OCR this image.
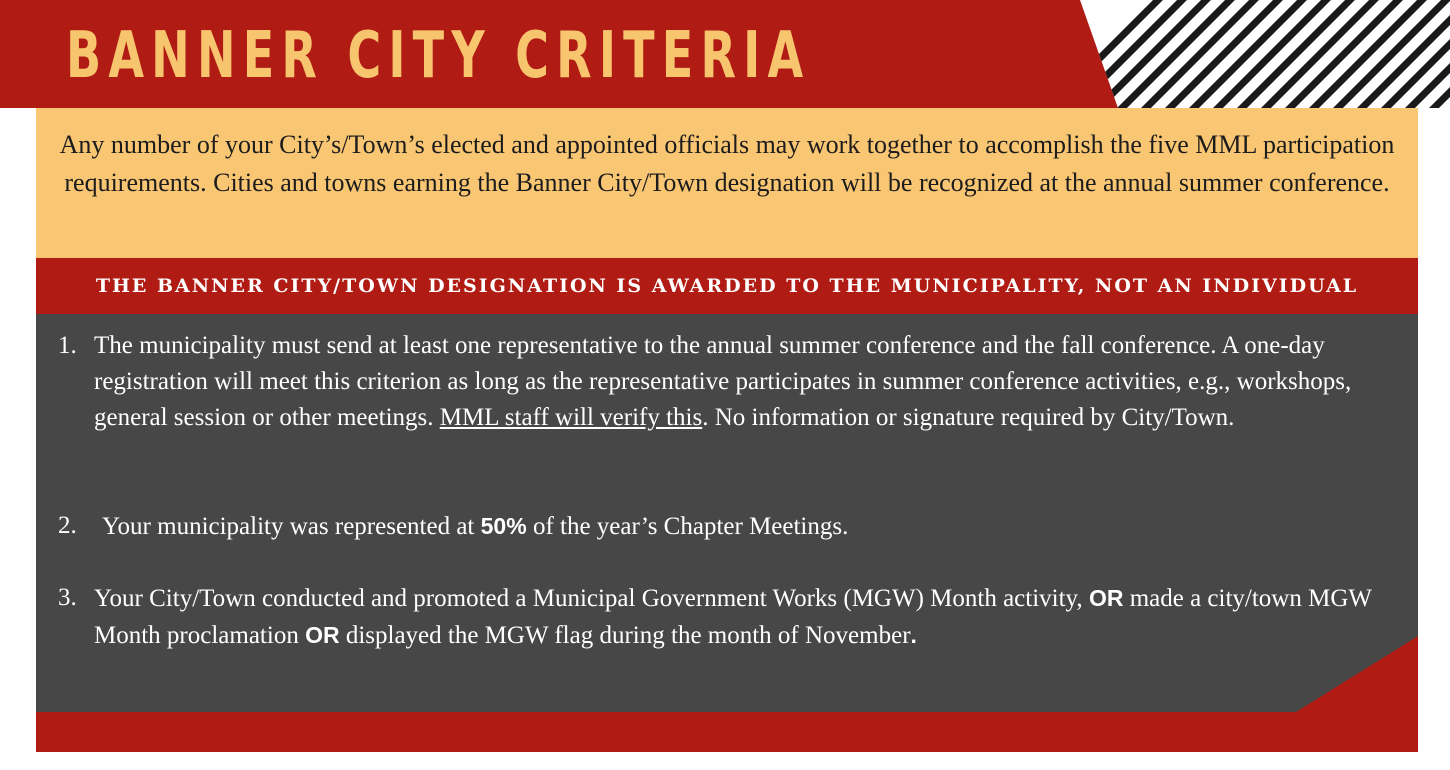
BANNER CITY CRITERIA
Any number of your City’s/Town’s elected and appointed officials may work together to accomplish the five MML participation requirements. Cities and towns earning the Banner City/Town designation will be recognized at the annual summer conference.
THE BANNER CITY/TOWN DESIGNATION IS AWARDED TO THE MUNICIPALITY, NOT AN INDIVIDUAL
1. The municipality must send at least one representative to the annual summer conference and the fall conference. A one-day registration will meet this criterion as long as the representative participates in summer conference activities, e.g., workshops, general session or other meetings. MML staff will verify this. No information or signature required by City/Town.
2. Your municipality was represented at 50% of the year’s Chapter Meetings.
3. Your City/Town conducted and promoted a Municipal Government Works (MGW) Month activity, OR made a city/town MGW Month proclamation OR displayed the MGW flag during the month of November.
